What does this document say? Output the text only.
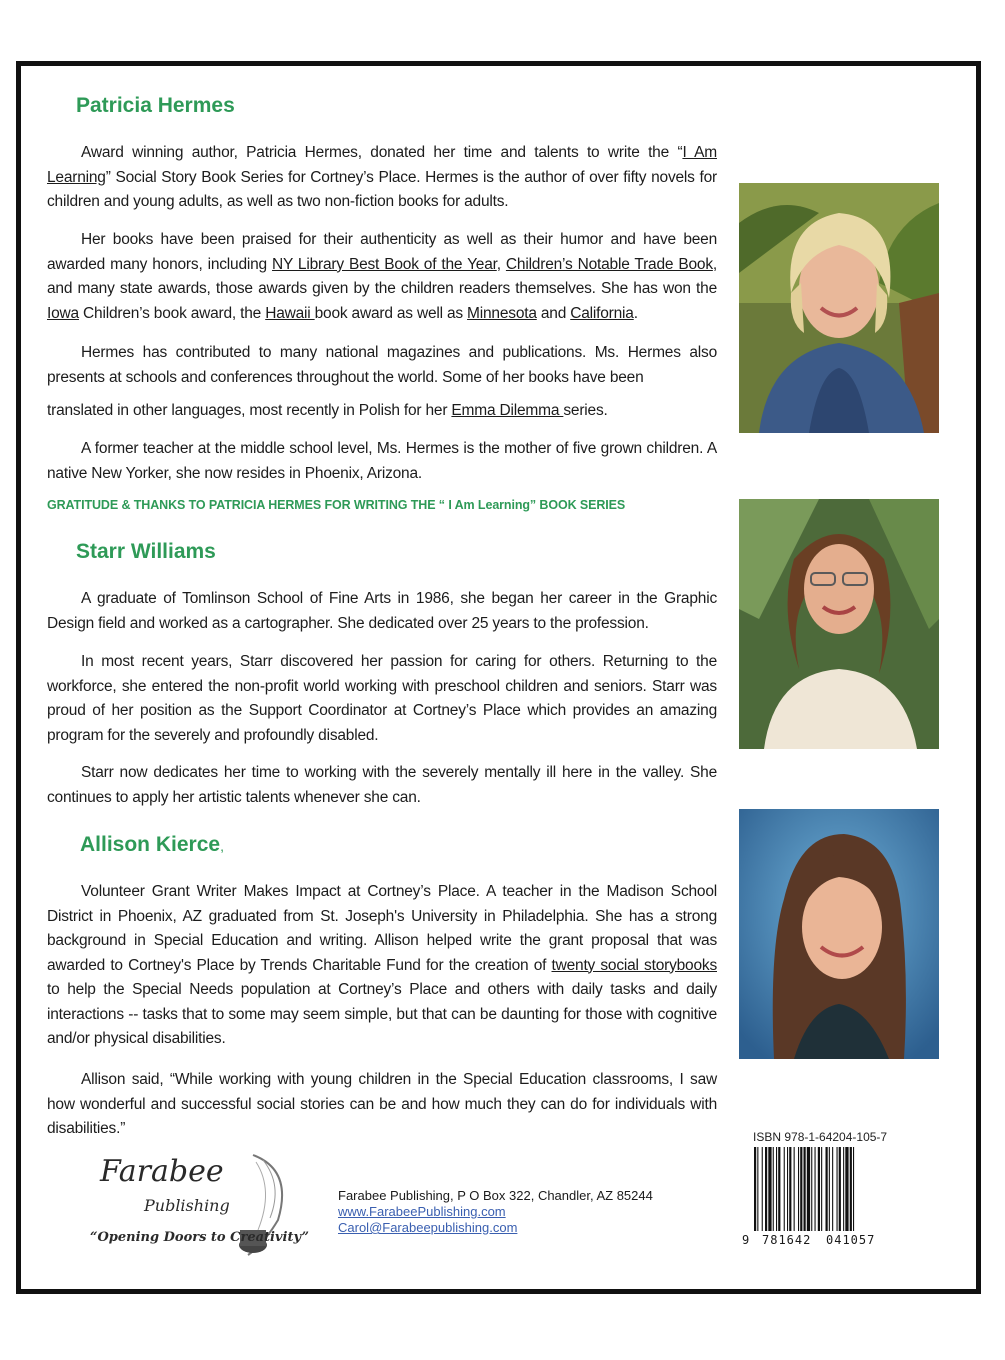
Patricia Hermes

Award winning author, Patricia Hermes, donated her time and talents to write the “I Am Learning” Social Story Book Series for Cortney’s Place. Hermes is the author of over fifty novels for children and young adults, as well as two non-fiction books for adults.

Her books have been praised for their authenticity as well as their humor and have been awarded many honors, including NY Library Best Book of the Year, Children’s Notable Trade Book, and many state awards, those awards given by the children readers themselves. She has won the Iowa Children’s book award, the Hawaii book award as well as Minnesota and California.

Hermes has contributed to many national magazines and publications. Ms. Hermes also presents at schools and conferences throughout the world. Some of her books have been

translated in other languages, most recently in Polish for her Emma Dilemma series.

A former teacher at the middle school level, Ms. Hermes is the mother of five grown children. A native New Yorker, she now resides in Phoenix, Arizona.

GRATITUDE & THANKS TO PATRICIA HERMES FOR WRITING THE “ I Am Learning” BOOK SERIES

Starr Williams

A graduate of Tomlinson School of Fine Arts in 1986, she began her career in the Graphic Design field and worked as a cartographer. She dedicated over 25 years to the profession.

In most recent years, Starr discovered her passion for caring for others. Returning to the workforce, she entered the non-profit world working with preschool children and seniors. Starr was proud of her position as the Support Coordinator at Cortney’s Place which provides an amazing program for the severely and profoundly disabled.

Starr now dedicates her time to working with the severely mentally ill here in the valley. She continues to apply her artistic talents whenever she can.

Allison Kierce,

Volunteer Grant Writer Makes Impact at Cortney’s Place. A teacher in the Madison School District in Phoenix, AZ graduated from St. Joseph's University in Philadelphia. She has a strong background in Special Education and writing. Allison helped write the grant proposal that was awarded to Cortney's Place by Trends Charitable Fund for the creation of twenty social storybooks to help the Special Needs population at Cortney’s Place and others with daily tasks and daily interactions -- tasks that to some may seem simple, but that can be daunting for those with cognitive and/or physical disabilities.

Allison said, “While working with young children in the Special Education classrooms, I saw how wonderful and successful social stories can be and how much they can do for individuals with disabilities.”

Farabee
Publishing
“Opening Doors to Creativity”
Farabee Publishing, P O Box 322, Chandler, AZ 85244
www.FarabeePublishing.com
Carol@Farabeepublishing.com

ISBN 978-1-64204-105-7

9 781642 041057
